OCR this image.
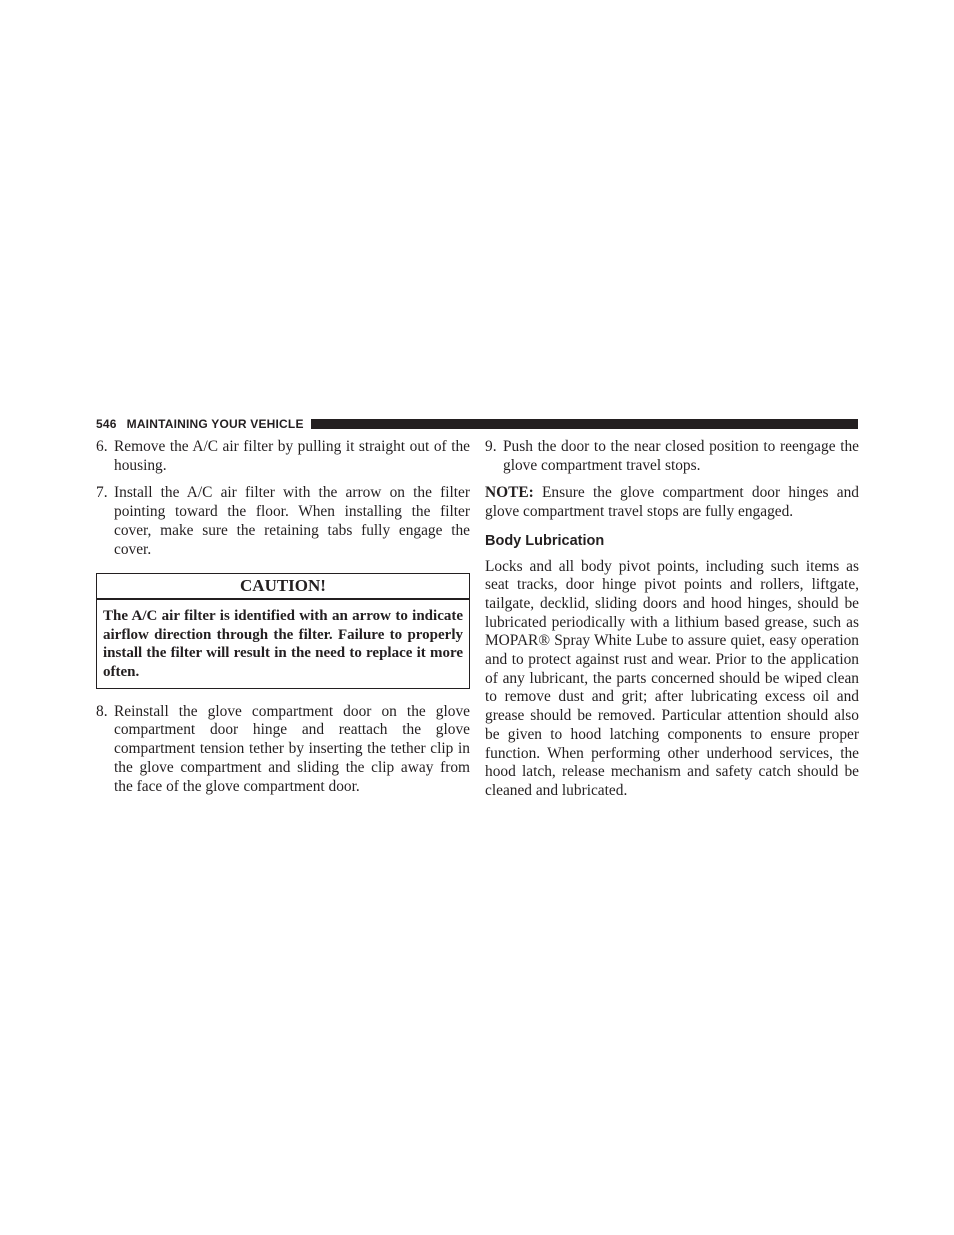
546 MAINTAINING YOUR VEHICLE
6. Remove the A/C air filter by pulling it straight out of the housing.
7. Install the A/C air filter with the arrow on the filter pointing toward the floor. When installing the filter cover, make sure the retaining tabs fully engage the cover.
CAUTION!
The A/C air filter is identified with an arrow to indicate airflow direction through the filter. Failure to properly install the filter will result in the need to replace it more often.
8. Reinstall the glove compartment door on the glove compartment door hinge and reattach the glove compartment tension tether by inserting the tether clip in the glove compartment and sliding the clip away from the face of the glove compartment door.
9. Push the door to the near closed position to reengage the glove compartment travel stops.

NOTE: Ensure the glove compartment door hinges and glove compartment travel stops are fully engaged.

Body Lubrication

Locks and all body pivot points, including such items as seat tracks, door hinge pivot points and rollers, liftgate, tailgate, decklid, sliding doors and hood hinges, should be lubricated periodically with a lithium based grease, such as MOPAR® Spray White Lube to assure quiet, easy operation and to protect against rust and wear. Prior to the application of any lubricant, the parts concerned should be wiped clean to remove dust and grit; after lubricating excess oil and grease should be removed. Particular attention should also be given to hood latching components to ensure proper function. When performing other underhood services, the hood latch, release mechanism and safety catch should be cleaned and lubricated.
